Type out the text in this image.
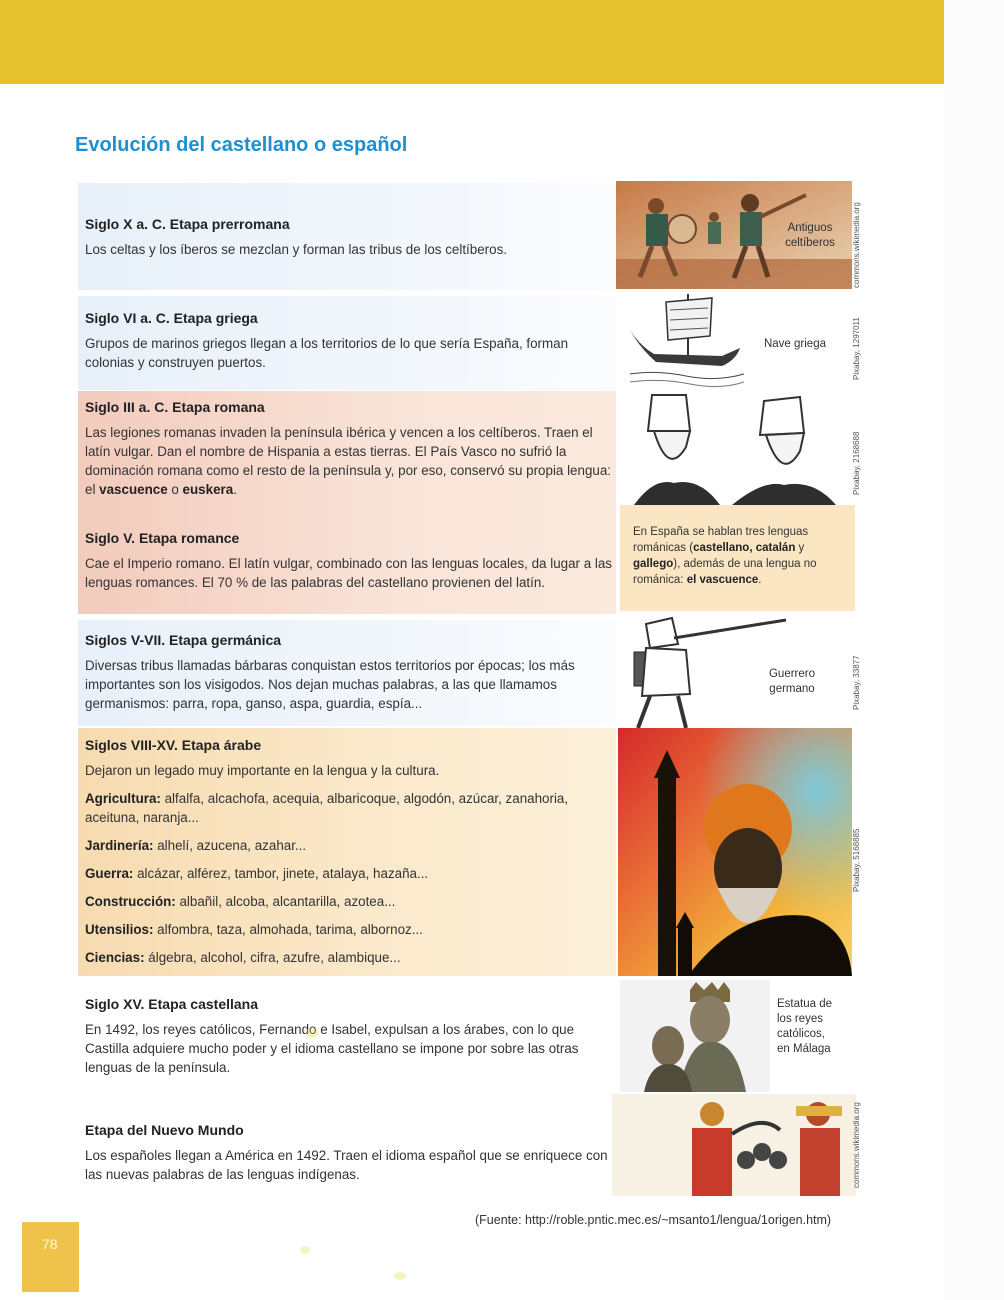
Evolución del castellano o español
Siglo X a. C. Etapa prerromana

Los celtas y los íberos se mezclan y forman las tribus de los celtíberos.

Siglo VI a. C. Etapa griega

Grupos de marinos griegos llegan a los territorios de lo que sería España, forman colonias y construyen puertos.

Siglo III a. C. Etapa romana

Las legiones romanas invaden la península ibérica y vencen a los celtíberos. Traen el latín vulgar. Dan el nombre de Hispania a estas tierras. El País Vasco no sufrió la dominación romana como el resto de la península y, por eso, conservó su propia lengua: el vascuence o euskera.

Siglo V. Etapa romance

Cae el Imperio romano. El latín vulgar, combinado con las lenguas locales, da lugar a las lenguas romances. El 70 % de las palabras del castellano provienen del latín.

Siglos V-VII. Etapa germánica

Diversas tribus llamadas bárbaras conquistan estos territorios por épocas; los más importantes son los visigodos. Nos dejan muchas palabras, a las que llamamos germanismos: parra, ropa, ganso, aspa, guardia, espía...

Siglos VIII-XV. Etapa árabe

Dejaron un legado muy importante en la lengua y la cultura.

Agricultura: alfalfa, alcachofa, acequia, albaricoque, algodón, azúcar, zanahoria, aceituna, naranja...

Jardinería: alhelí, azucena, azahar...

Guerra: alcázar, alférez, tambor, jinete, atalaya, hazaña...

Construcción: albañil, alcoba, alcantarilla, azotea...

Utensilios: alfombra, taza, almohada, tarima, albornoz...

Ciencias: álgebra, alcohol, cifra, azufre, alambique...

Siglo XV. Etapa castellana

En 1492, los reyes católicos, Fernando e Isabel, expulsan a los árabes, con lo que Castilla adquiere mucho poder y el idioma castellano se impone por sobre las otras lenguas de la península.

Etapa del Nuevo Mundo

Los españoles llegan a América en 1492. Traen el idioma español que se enriquece con las nuevas palabras de las lenguas indígenas.

Antiguos celtíberos	commons.wikimedia.org
Nave griega	Pixabay, 1297011
Pixabay, 2168688
En España se hablan tres lenguas románicas (castellano, catalán y gallego), además de una lengua no románica: el vascuence.
Guerrero germano	Pixabay, 33877
Pixabay, 5168885
Estatua de los reyes católicos, en Málaga
commons.wikimedia.org
(Fuente: http://roble.pntic.mec.es/~msanto1/lengua/1origen.htm)
78
